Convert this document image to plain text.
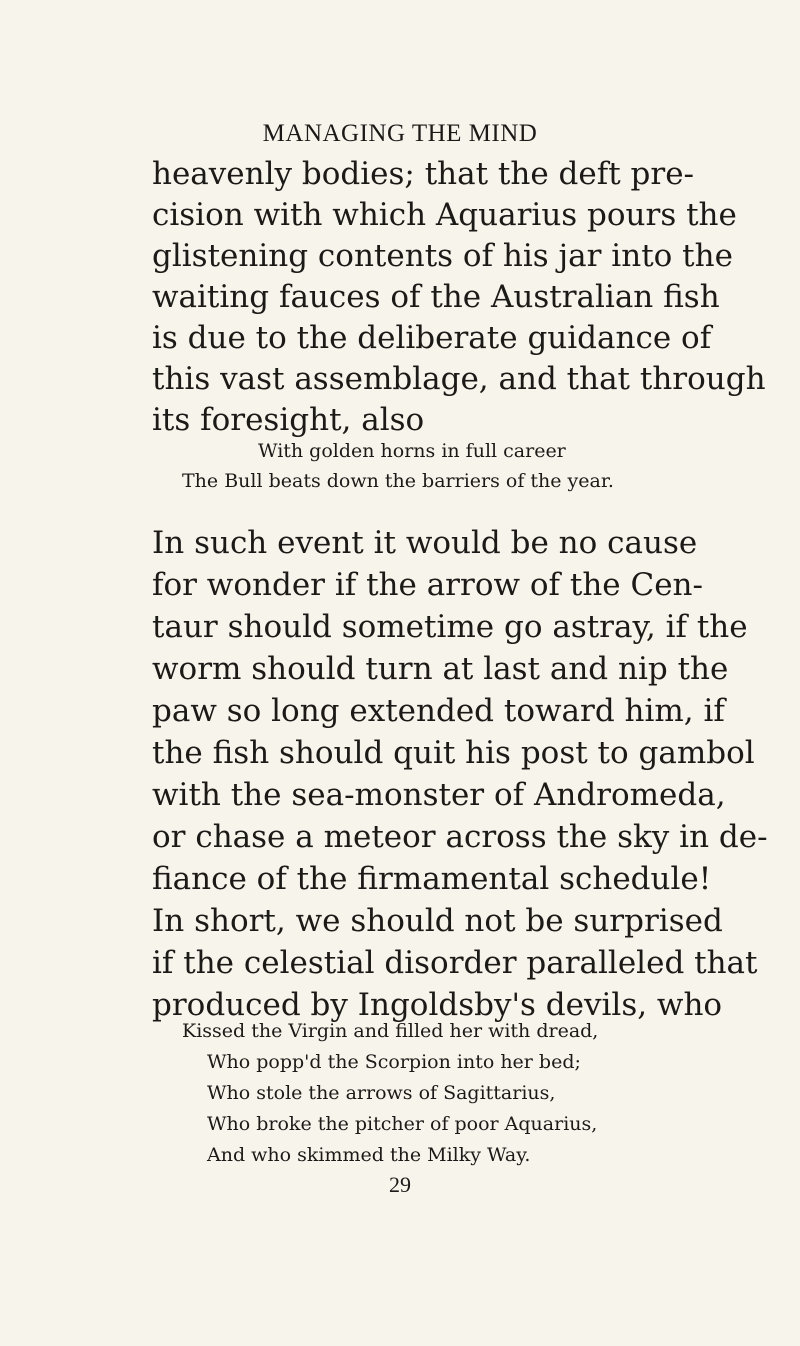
MANAGING THE MIND
heavenly bodies; that the deft pre-
cision with which Aquarius pours the
glistening contents of his jar into the
waiting fauces of the Australian fish
is due to the deliberate guidance of
this vast assemblage, and that through
its foresight, also
With golden horns in full career
The Bull beats down the barriers of the year.
In such event it would be no cause
for wonder if the arrow of the Cen-
taur should sometime go astray, if the
worm should turn at last and nip the
paw so long extended toward him, if
the fish should quit his post to gambol
with the sea-monster of Andromeda,
or chase a meteor across the sky in de-
fiance of the firmamental schedule!
In short, we should not be surprised
if the celestial disorder paralleled that
produced by Ingoldsby's devils, who
Kissed the Virgin and filled her with dread,
Who popp'd the Scorpion into her bed;
Who stole the arrows of Sagittarius,
Who broke the pitcher of poor Aquarius,
And who skimmed the Milky Way.
29
